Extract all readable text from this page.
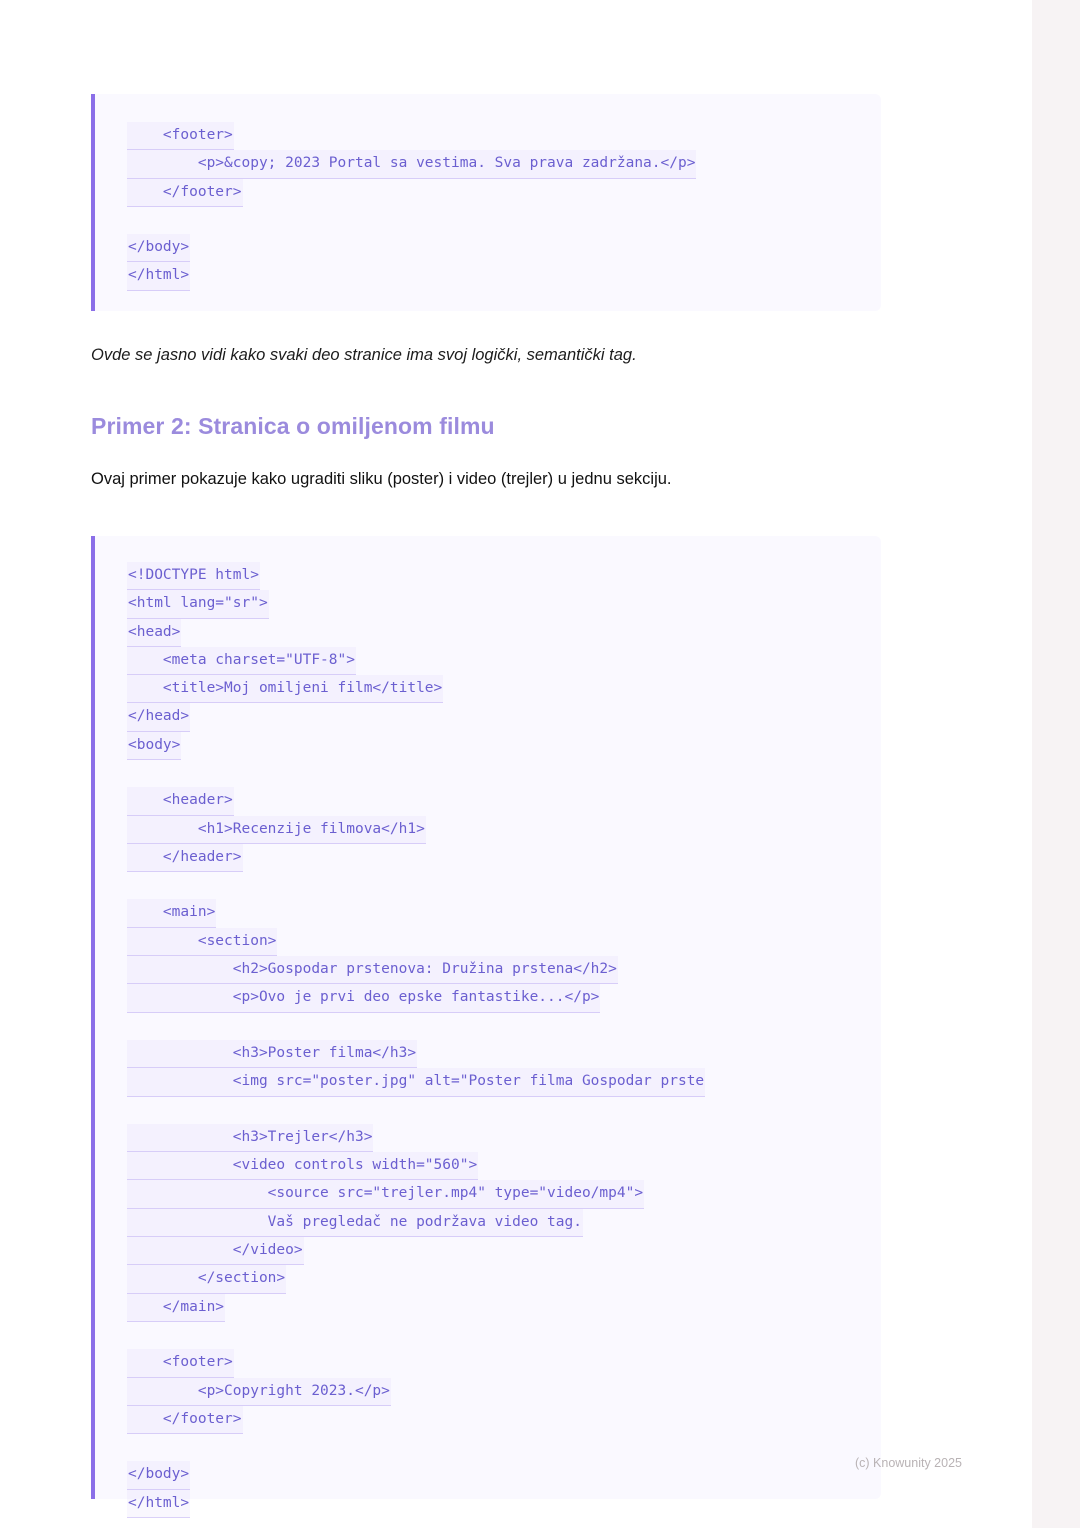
<footer>
<p>&copy; 2023 Portal sa vestima. Sva prava zadržana.</p>
</footer>
</body>
</html>
Ovde se jasno vidi kako svaki deo stranice ima svoj logički, semantički tag.
Primer 2: Stranica o omiljenom filmu

Ovaj primer pokazuje kako ugraditi sliku (poster) i video (trejler) u jednu sekciju.

<!DOCTYPE html>
<html lang="sr">
<head>
<meta charset="UTF-8">
<title>Moj omiljeni film</title>
</head>
<body>
<header>
<h1>Recenzije filmova</h1>
</header>
<main>
<section>
<h2>Gospodar prstenova: Družina prstena</h2>
<p>Ovo je prvi deo epske fantastike...</p>
<h3>Poster filma</h3>
<img src="poster.jpg" alt="Poster filma Gospodar prste
<h3>Trejler</h3>
<video controls width="560">
<source src="trejler.mp4" type="video/mp4">
Vaš pregledač ne podržava video tag.
</video>
</section>
</main>
<footer>
<p>Copyright 2023.</p>
</footer>
</body>
</html>
(c) Knowunity 2025
